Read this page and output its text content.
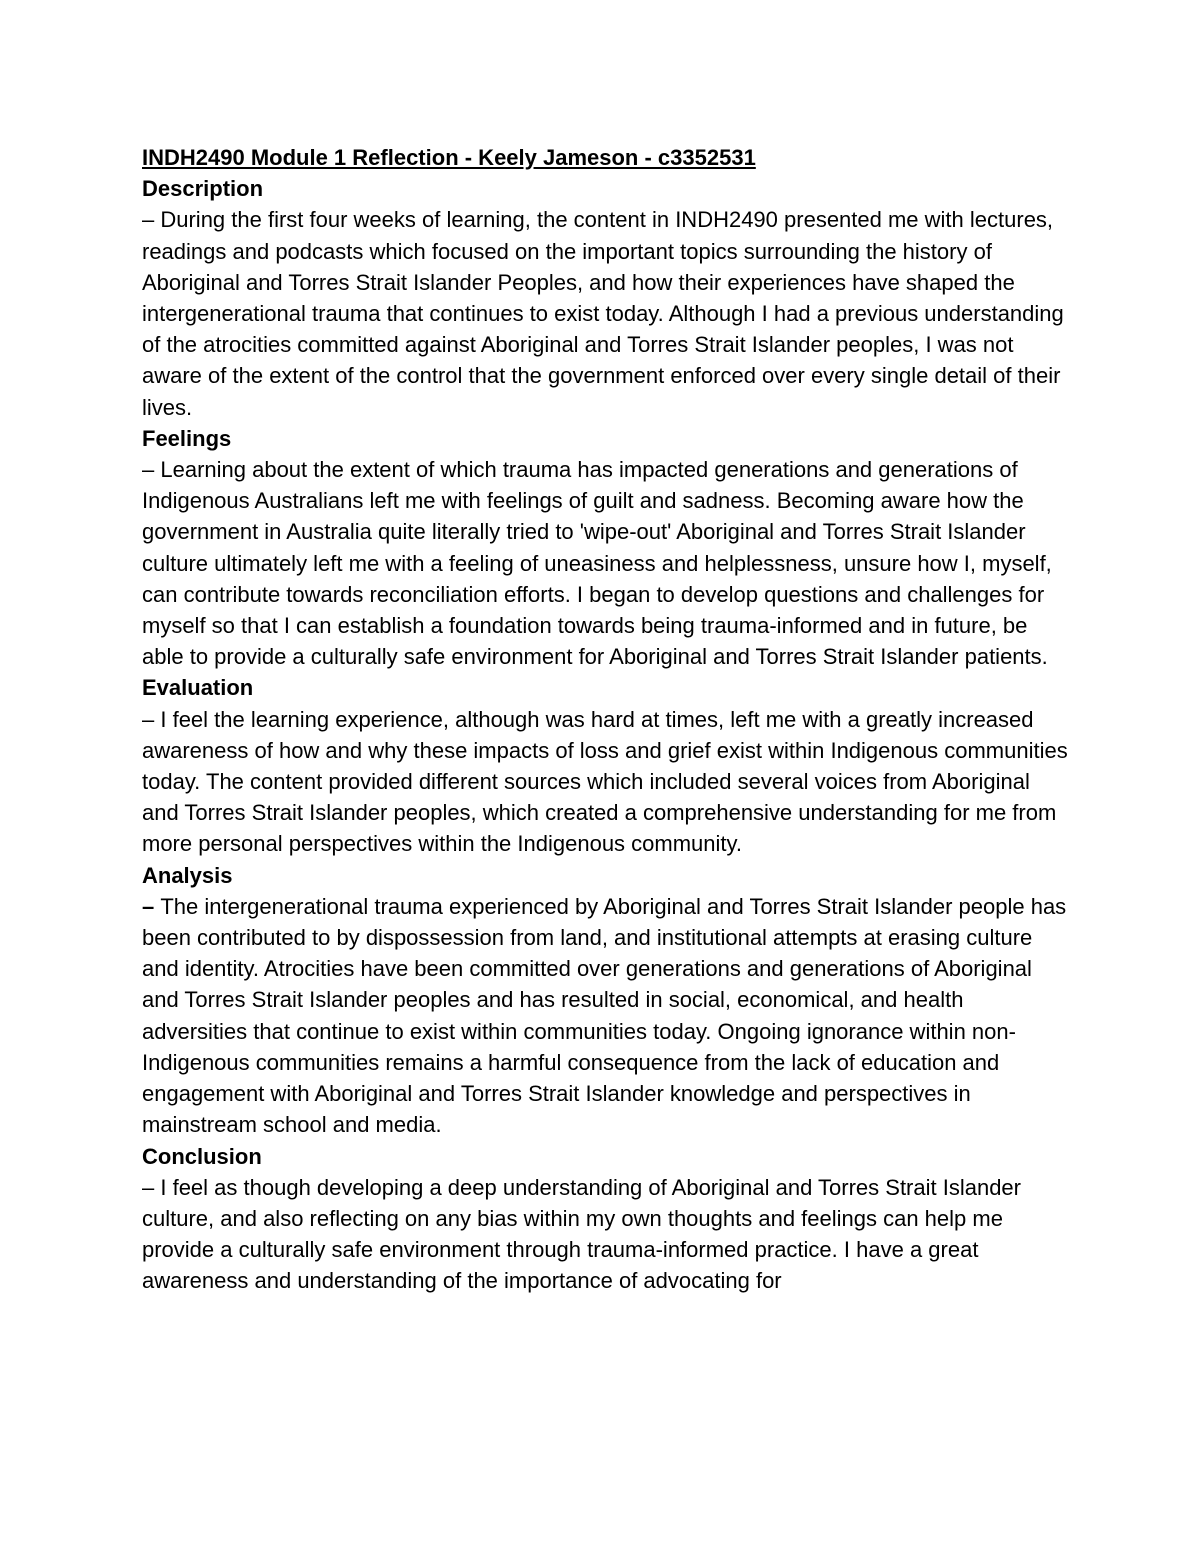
INDH2490 Module 1 Reflection - Keely Jameson - c3352531

Description

– During the first four weeks of learning, the content in INDH2490 presented me with lectures, readings and podcasts which focused on the important topics surrounding the history of Aboriginal and Torres Strait Islander Peoples, and how their experiences have shaped the intergenerational trauma that continues to exist today. Although I had a previous understanding of the atrocities committed against Aboriginal and Torres Strait Islander peoples, I was not aware of the extent of the control that the government enforced over every single detail of their lives.

Feelings

– Learning about the extent of which trauma has impacted generations and generations of Indigenous Australians left me with feelings of guilt and sadness. Becoming aware how the government in Australia quite literally tried to 'wipe-out' Aboriginal and Torres Strait Islander culture ultimately left me with a feeling of uneasiness and helplessness, unsure how I, myself, can contribute towards reconciliation efforts. I began to develop questions and challenges for myself so that I can establish a foundation towards being trauma-informed and in future, be able to provide a culturally safe environment for Aboriginal and Torres Strait Islander patients.

Evaluation

– I feel the learning experience, although was hard at times, left me with a greatly increased awareness of how and why these impacts of loss and grief exist within Indigenous communities today. The content provided different sources which included several voices from Aboriginal and Torres Strait Islander peoples, which created a comprehensive understanding for me from more personal perspectives within the Indigenous community.

Analysis

– The intergenerational trauma experienced by Aboriginal and Torres Strait Islander people has been contributed to by dispossession from land, and institutional attempts at erasing culture and identity. Atrocities have been committed over generations and generations of Aboriginal and Torres Strait Islander peoples and has resulted in social, economical, and health adversities that continue to exist within communities today. Ongoing ignorance within non-Indigenous communities remains a harmful consequence from the lack of education and engagement with Aboriginal and Torres Strait Islander knowledge and perspectives in mainstream school and media.

Conclusion

– I feel as though developing a deep understanding of Aboriginal and Torres Strait Islander culture, and also reflecting on any bias within my own thoughts and feelings can help me provide a culturally safe environment through trauma-informed practice. I have a great awareness and understanding of the importance of advocating for
